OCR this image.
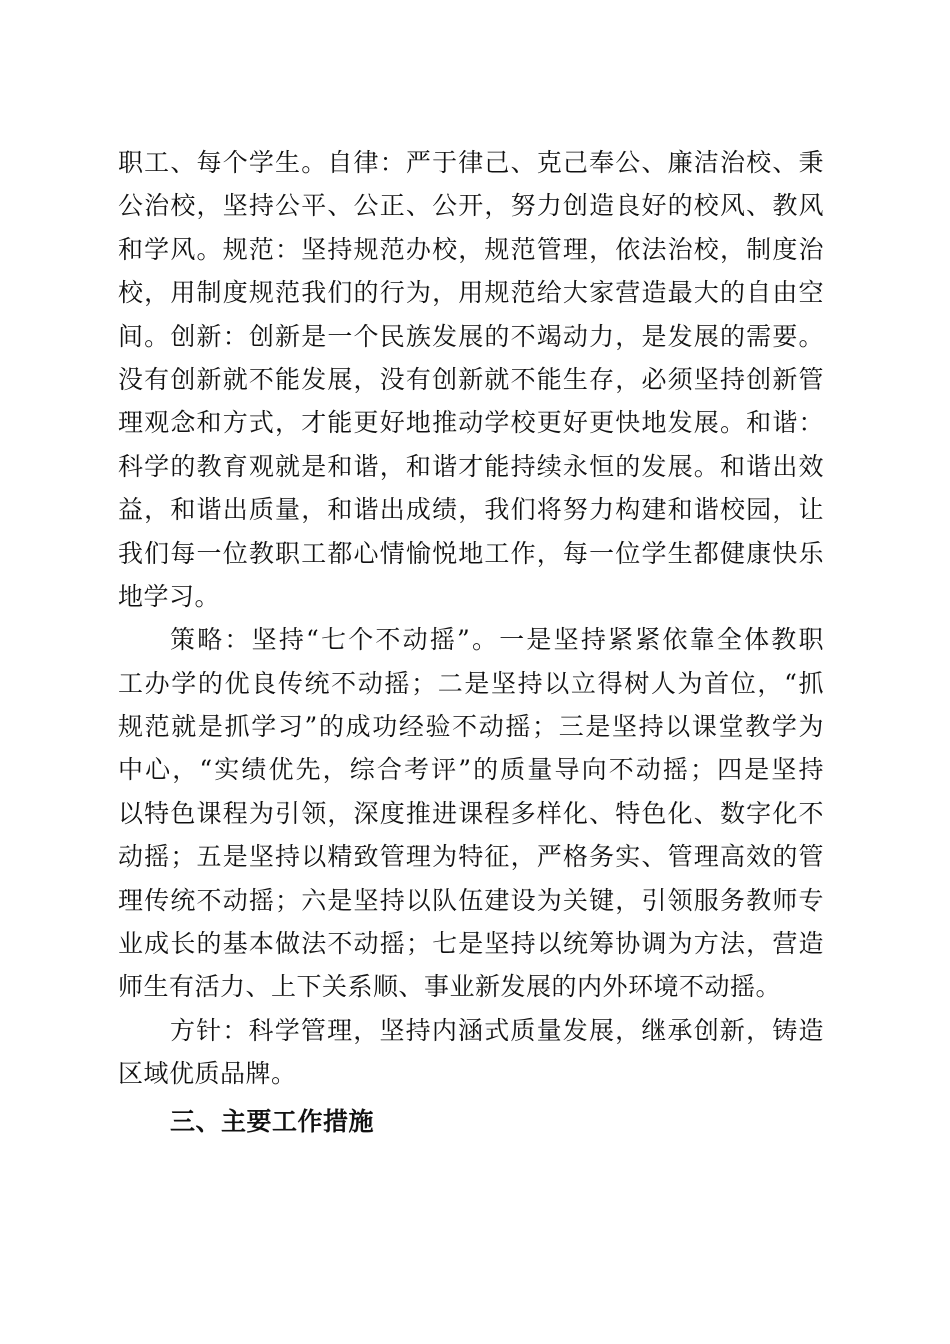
职工、每个学生。自律：严于律己、克己奉公、廉洁治校、秉
公治校，坚持公平、公正、公开，努力创造良好的校风、教风
和学风。规范：坚持规范办校，规范管理，依法治校，制度治
校，用制度规范我们的行为，用规范给大家营造最大的自由空
间。创新：创新是一个民族发展的不竭动力，是发展的需要。
没有创新就不能发展，没有创新就不能生存，必须坚持创新管
理观念和方式，才能更好地推动学校更好更快地发展。和谐：
科学的教育观就是和谐，和谐才能持续永恒的发展。和谐出效
益，和谐出质量，和谐出成绩，我们将努力构建和谐校园，让
我们每一位教职工都心情愉悦地工作，每一位学生都健康快乐
地学习。
策略：坚持“七个不动摇”。一是坚持紧紧依靠全体教职
工办学的优良传统不动摇；二是坚持以立得树人为首位，“抓
规范就是抓学习”的成功经验不动摇；三是坚持以课堂教学为
中心，“实绩优先，综合考评”的质量导向不动摇；四是坚持
以特色课程为引领，深度推进课程多样化、特色化、数字化不
动摇；五是坚持以精致管理为特征，严格务实、管理高效的管
理传统不动摇；六是坚持以队伍建设为关键，引领服务教师专
业成长的基本做法不动摇；七是坚持以统筹协调为方法，营造
师生有活力、上下关系顺、事业新发展的内外环境不动摇。
方针：科学管理，坚持内涵式质量发展，继承创新，铸造
区域优质品牌。
三、主要工作措施
